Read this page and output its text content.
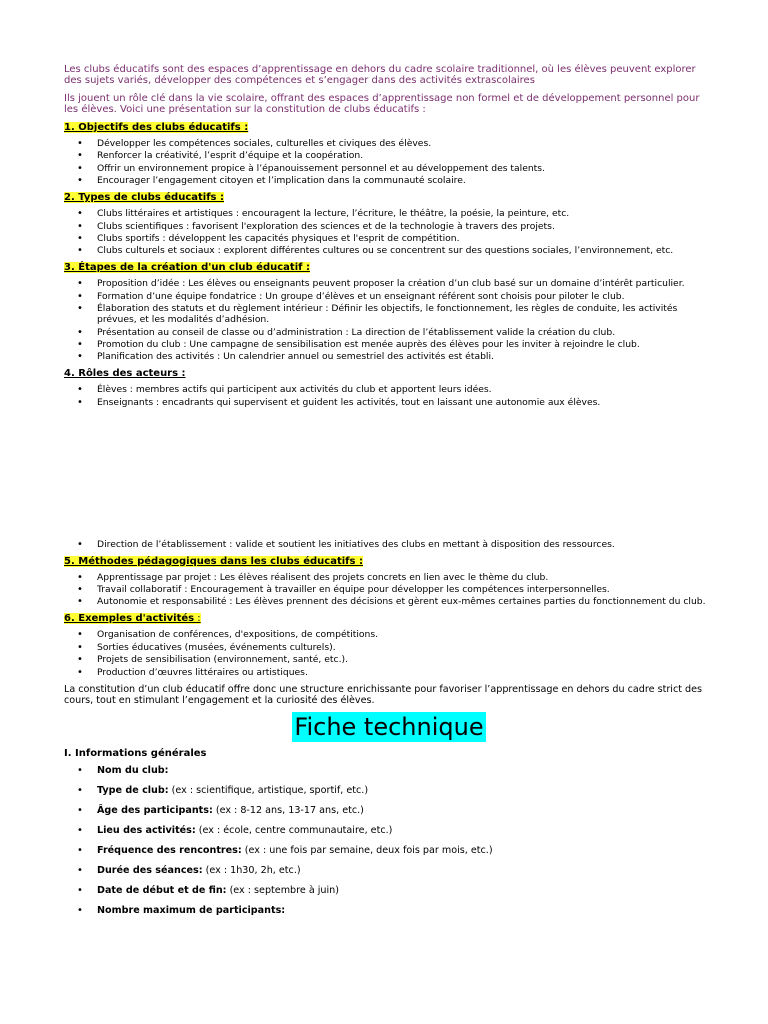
Les clubs éducatifs sont des espaces d’apprentissage en dehors du cadre scolaire traditionnel, où les élèves peuvent explorer des sujets variés, développer des compétences et s’engager dans des activités extrascolaires

Ils jouent un rôle clé dans la vie scolaire, offrant des espaces d’apprentissage non formel et de développement personnel pour les élèves. Voici une présentation sur la constitution de clubs éducatifs :

1. Objectifs des clubs éducatifs :

• Développer les compétences sociales, culturelles et civiques des élèves.
• Renforcer la créativité, l’esprit d’équipe et la coopération.
• Offrir un environnement propice à l’épanouissement personnel et au développement des talents.
• Encourager l’engagement citoyen et l’implication dans la communauté scolaire.

2. Types de clubs éducatifs :

• Clubs littéraires et artistiques : encouragent la lecture, l’écriture, le théâtre, la poésie, la peinture, etc.
• Clubs scientifiques : favorisent l'exploration des sciences et de la technologie à travers des projets.
• Clubs sportifs : développent les capacités physiques et l'esprit de compétition.
• Clubs culturels et sociaux : explorent différentes cultures ou se concentrent sur des questions sociales, l’environnement, etc.

3. Étapes de la création d'un club éducatif :

• Proposition d’idée : Les élèves ou enseignants peuvent proposer la création d’un club basé sur un domaine d’intérêt particulier.
• Formation d’une équipe fondatrice : Un groupe d’élèves et un enseignant référent sont choisis pour piloter le club.
• Élaboration des statuts et du règlement intérieur : Définir les objectifs, le fonctionnement, les règles de conduite, les activités prévues, et les modalités d’adhésion.
• Présentation au conseil de classe ou d’administration : La direction de l’établissement valide la création du club.
• Promotion du club : Une campagne de sensibilisation est menée auprès des élèves pour les inviter à rejoindre le club.
• Planification des activités : Un calendrier annuel ou semestriel des activités est établi.

4. Rôles des acteurs :

• Élèves : membres actifs qui participent aux activités du club et apportent leurs idées.
• Enseignants : encadrants qui supervisent et guident les activités, tout en laissant une autonomie aux élèves.
• Direction de l’établissement : valide et soutient les initiatives des clubs en mettant à disposition des ressources.

5. Méthodes pédagogiques dans les clubs éducatifs :

• Apprentissage par projet : Les élèves réalisent des projets concrets en lien avec le thème du club.
• Travail collaboratif : Encouragement à travailler en équipe pour développer les compétences interpersonnelles.
• Autonomie et responsabilité : Les élèves prennent des décisions et gèrent eux-mêmes certaines parties du fonctionnement du club.

6. Exemples d'activités :

• Organisation de conférences, d'expositions, de compétitions.
• Sorties éducatives (musées, événements culturels).
• Projets de sensibilisation (environnement, santé, etc.).
• Production d’œuvres littéraires ou artistiques.

La constitution d’un club éducatif offre donc une structure enrichissante pour favoriser l’apprentissage en dehors du cadre strict des cours, tout en stimulant l’engagement et la curiosité des élèves.

Fiche technique

I. Informations générales

• Nom du club:
• Type de club: (ex : scientifique, artistique, sportif, etc.)
• Âge des participants: (ex : 8-12 ans, 13-17 ans, etc.)
• Lieu des activités: (ex : école, centre communautaire, etc.)
• Fréquence des rencontres: (ex : une fois par semaine, deux fois par mois, etc.)
• Durée des séances: (ex : 1h30, 2h, etc.)
• Date de début et de fin: (ex : septembre à juin)
• Nombre maximum de participants:
